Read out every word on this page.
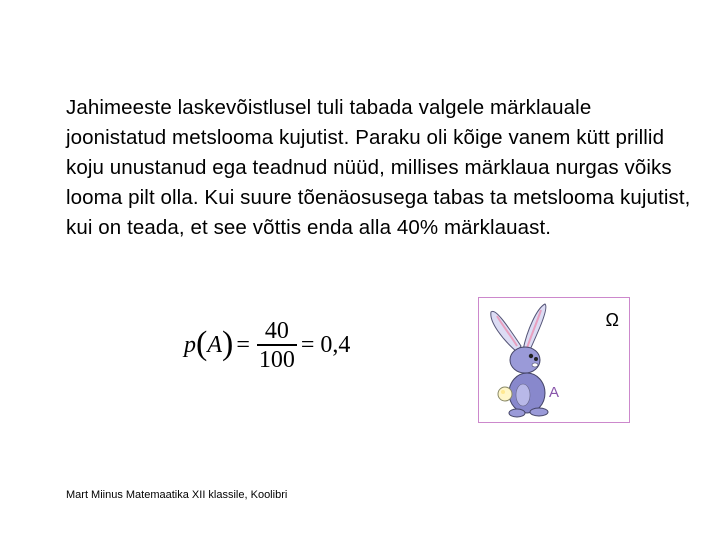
Jahimeeste laskevõistlusel tuli tabada valgele märklauale joonistatud metslooma kujutist. Paraku oli kõige vanem kütt prillid koju unustanud ega teadnud nüüd, millises märklaua nurgas võiks looma pilt olla. Kui suure tõenäosusega tabas ta metslooma kujutist, kui on teada, et see võttis enda alla 40% märklauast.

p ( A ) = $\frac{40}{100} = 0,4$
Ω
A
Mart Miinus Matemaatika XII klassile, Koolibri
